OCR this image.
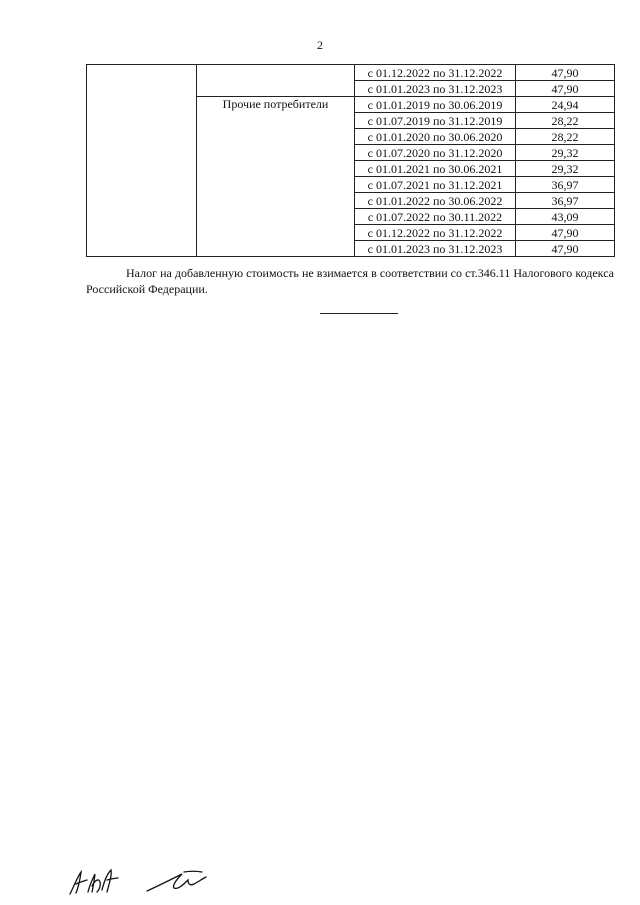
2
		с 01.12.2022 по 31.12.2022	47,90
		с 01.01.2023 по 31.12.2023	47,90
	Прочие потребители	с 01.01.2019 по 30.06.2019	24,94
		с 01.07.2019 по 31.12.2019	28,22
		с 01.01.2020 по 30.06.2020	28,22
		с 01.07.2020 по 31.12.2020	29,32
		с 01.01.2021 по 30.06.2021	29,32
		с 01.07.2021 по 31.12.2021	36,97
		с 01.01.2022 по 30.06.2022	36,97
		с 01.07.2022 по 30.11.2022	43,09
		с 01.12.2022 по 31.12.2022	47,90
		с 01.01.2023 по 31.12.2023	47,90

Налог на добавленную стоимость не взимается в соответствии со ст.346.11 Налогового кодекса Российской Федерации.
